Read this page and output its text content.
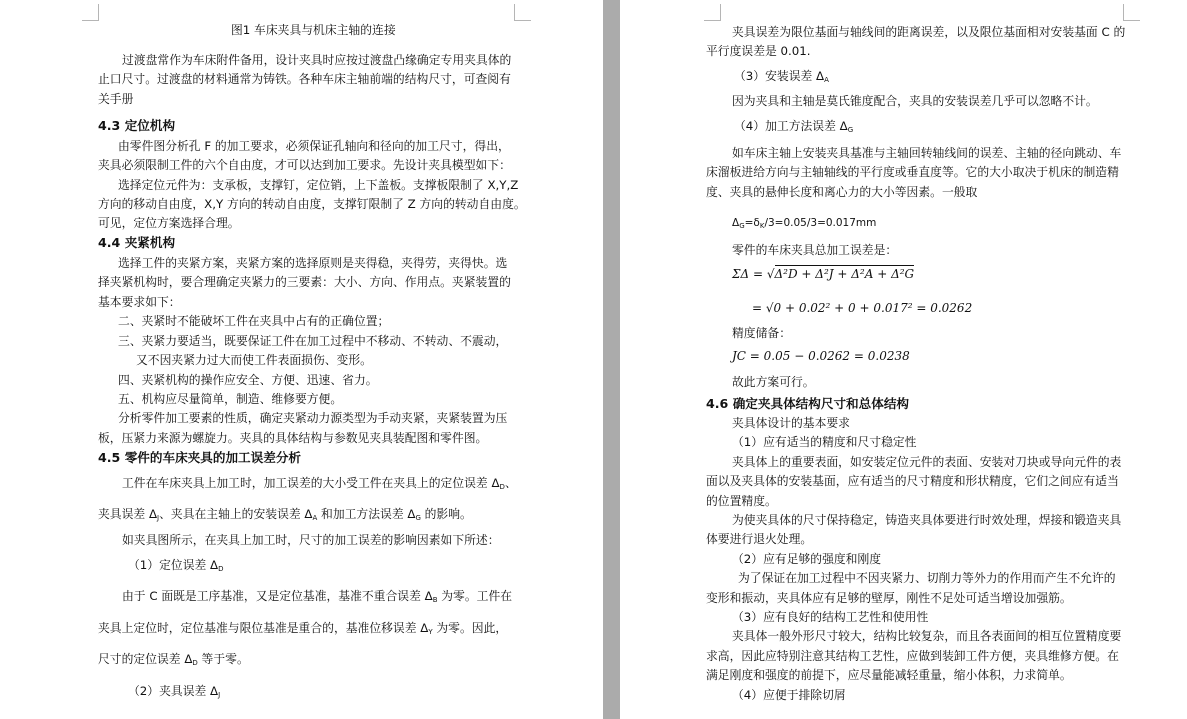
图1 车床夹具与机床主轴的连接
过渡盘常作为车床附件备用，设计夹具时应按过渡盘凸缘确定专用夹具体的
止口尺寸。过渡盘的材料通常为铸铁。各种车床主轴前端的结构尺寸，可查阅有
关手册
4.3 定位机构
由零件图分析孔 F 的加工要求，必须保证孔轴向和径向的加工尺寸，得出，
夹具必须限制工件的六个自由度，才可以达到加工要求。先设计夹具模型如下：
选择定位元件为：支承板，支撑钉，定位销，上下盖板。支撑板限制了 X,Y,Z
方向的移动自由度，X,Y 方向的转动自由度，支撑钉限制了 Z 方向的转动自由度。
可见，定位方案选择合理。
4.4 夹紧机构
选择工件的夹紧方案，夹紧方案的选择原则是夹得稳，夹得劳，夹得快。选
择夹紧机构时，要合理确定夹紧力的三要素：大小、方向、作用点。夹紧装置的
基本要求如下：
二、夹紧时不能破坏工件在夹具中占有的正确位置；
三、夹紧力要适当，既要保证工件在加工过程中不移动、不转动、不震动，
又不因夹紧力过大而使工件表面损伤、变形。
四、夹紧机构的操作应安全、方便、迅速、省力。
五、机构应尽量简单，制造、维修要方便。
分析零件加工要素的性质，确定夹紧动力源类型为手动夹紧，夹紧装置为压
板，压紧力来源为螺旋力。夹具的具体结构与参数见夹具装配图和零件图。
4.5 零件的车床夹具的加工误差分析
工件在车床夹具上加工时，加工误差的大小受工件在夹具上的定位误差 $\Delta_D$、
夹具误差 $\Delta_J$、夹具在主轴上的安装误差 $\Delta_A$ 和加工方法误差 $\Delta_G$ 的影响。
如夹具图所示，在夹具上加工时，尺寸的加工误差的影响因素如下所述：
（1）定位误差 $\Delta_D$
由于 C 面既是工序基准，又是定位基准，基准不重合误差 $\Delta_B$ 为零。工件在
夹具上定位时，定位基准与限位基准是重合的，基准位移误差 $\Delta_Y$ 为零。因此，
尺寸的定位误差 $\Delta_D$ 等于零。
（2）夹具误差 $\Delta_J$
夹具误差为限位基面与轴线间的距离误差，以及限位基面相对安装基面 C 的
平行度误差是 0.01.
（3）安装误差 $\Delta_A$
因为夹具和主轴是莫氏锥度配合，夹具的安装误差几乎可以忽略不计。
（4）加工方法误差 $\Delta_G$
如车床主轴上安装夹具基准与主轴回转轴线间的误差、主轴的径向跳动、车
床溜板进给方向与主轴轴线的平行度或垂直度等。它的大小取决于机床的制造精
度、夹具的悬伸长度和离心力的大小等因素。一般取
$\Delta_G=\delta_K/3=0.05/3=0.017mm$
零件的车床夹具总加工误差是：
ΣΔ = √Δ²D + Δ²J + Δ²A + Δ²G
= √0 + 0.02² + 0 + 0.017² = 0.0262
精度储备：
JC = 0.05 − 0.0262 = 0.0238
故此方案可行。
4.6 确定夹具体结构尺寸和总体结构
夹具体设计的基本要求
（1）应有适当的精度和尺寸稳定性
夹具体上的重要表面，如安装定位元件的表面、安装对刀块或导向元件的表
面以及夹具体的安装基面，应有适当的尺寸精度和形状精度，它们之间应有适当
的位置精度。
为使夹具体的尺寸保持稳定，铸造夹具体要进行时效处理，焊接和锻造夹具
体要进行退火处理。
（2）应有足够的强度和刚度
为了保证在加工过程中不因夹紧力、切削力等外力的作用而产生不允许的
变形和振动，夹具体应有足够的壁厚，刚性不足处可适当增设加强筋。
（3）应有良好的结构工艺性和使用性
夹具体一般外形尺寸较大，结构比较复杂，而且各表面间的相互位置精度要
求高，因此应特别注意其结构工艺性，应做到装卸工件方便，夹具维修方便。在
满足刚度和强度的前提下，应尽量能减轻重量，缩小体积，力求简单。
（4）应便于排除切屑
